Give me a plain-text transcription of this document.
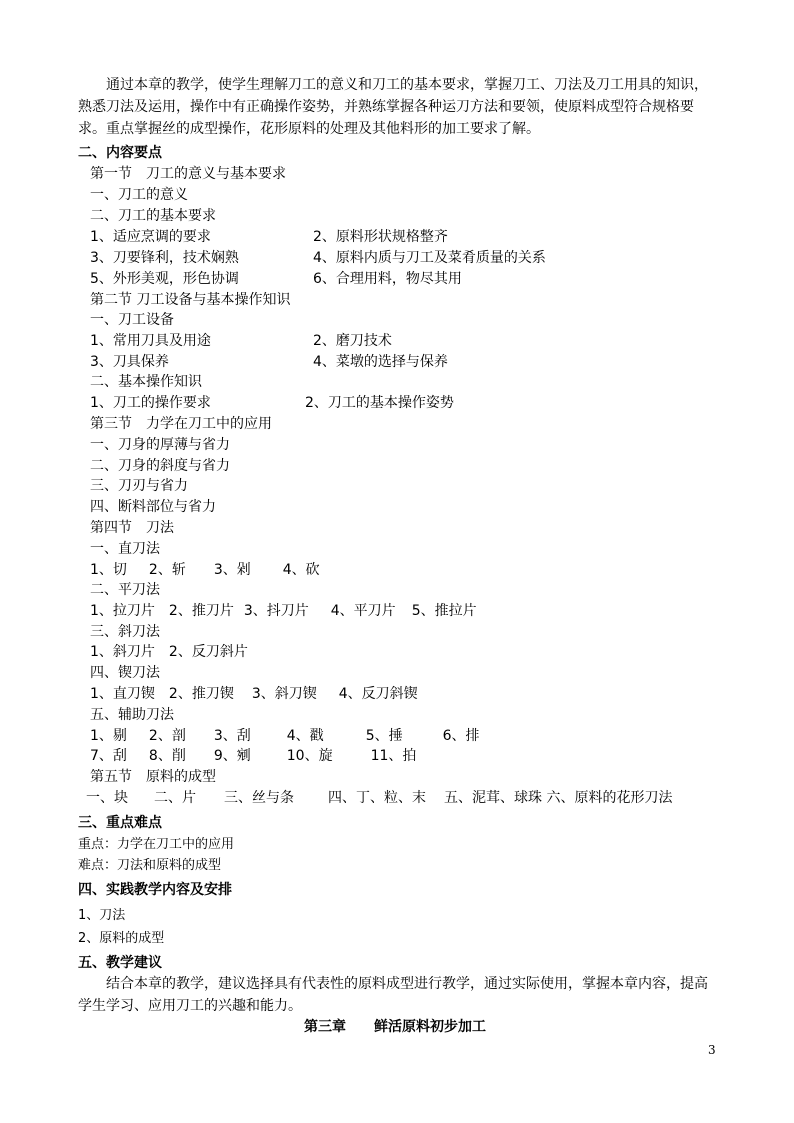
通过本章的教学，使学生理解刀工的意义和刀工的基本要求，掌握刀工、刀法及刀工用具的知识，熟悉刀法及运用，操作中有正确操作姿势，并熟练掌握各种运刀方法和要领，使原料成型符合规格要求。重点掌握丝的成型操作，花形原料的处理及其他料形的加工要求了解。
二、内容要点
第一节　刀工的意义与基本要求
一、刀工的意义
二、刀工的基本要求
1、适应烹调的要求	2、原料形状规格整齐
3、刀要锋利，技术娴熟	4、原料内质与刀工及菜肴质量的关系
5、外形美观，形色协调	6、合理用料，物尽其用
第二节 刀工设备与基本操作知识
一、刀工设备
1、常用刀具及用途	2、磨刀技术
3、刀具保养	4、菜墩的选择与保养
二、基本操作知识
1、刀工的操作要求	2、刀工的基本操作姿势
第三节　力学在刀工中的应用
一、刀身的厚薄与省力
二、刀身的斜度与省力
三、刀刃与省力
四、断料部位与省力
第四节　刀法
一、直刀法
1、切 2、斩 3、剁 4、砍
二、平刀法
1、拉刀片 2、推刀片 3、抖刀片 4、平刀片 5、推拉片
三、斜刀法
1、斜刀片 2、反刀斜片
四、锲刀法
1、直刀锲 2、推刀锲 3、斜刀锲 4、反刀斜锲
五、辅助刀法
1、剔 2、剖 3、刮	4、戳	5、捶	6、排
7、刮 8、削 9、剜	10、旋	11、拍
第五节　原料的成型
一、块 二、片 三、丝与条 四、丁、粒、末 五、泥茸、球珠 六、原料的花形刀法
三、重点难点
重点：力学在刀工中的应用
难点：刀法和原料的成型
四、实践教学内容及安排
1、刀法
2、原料的成型
五、教学建议
结合本章的教学，建议选择具有代表性的原料成型进行教学，通过实际使用，掌握本章内容，提高学生学习、应用刀工的兴趣和能力。
第三章　　鲜活原料初步加工
3
